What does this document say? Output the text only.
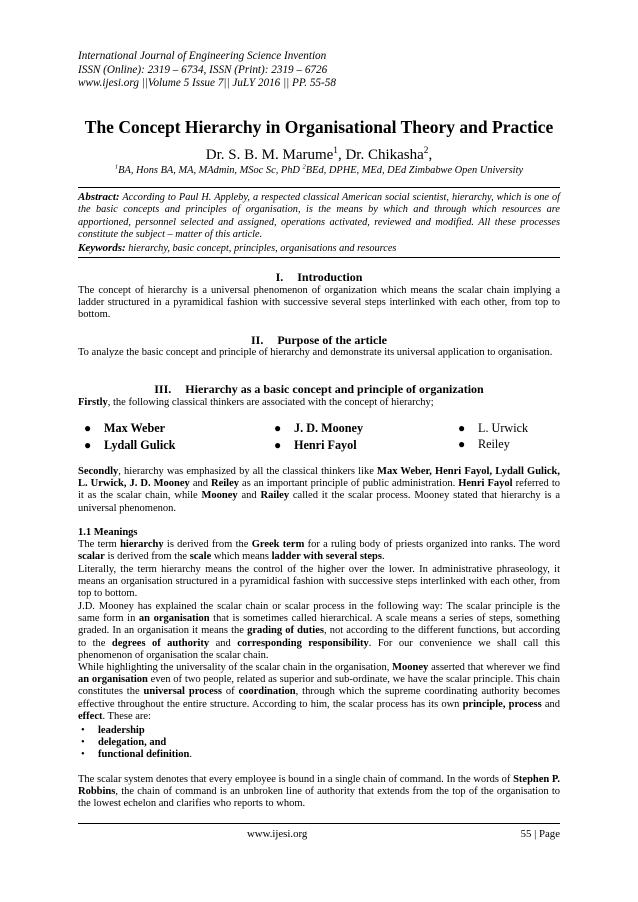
International Journal of Engineering Science Invention
ISSN (Online): 2319 – 6734, ISSN (Print): 2319 – 6726
www.ijesi.org ||Volume 5 Issue 7|| JuLY 2016 || PP. 55-58
The Concept Hierarchy in Organisational Theory and Practice
Dr. S. B. M. Marume$^1$, Dr. Chikasha$^2$,
$^1$BA, Hons BA, MA, MAdmin, MSoc Sc, PhD $^2$BEd, DPHE, MEd, DEd Zimbabwe Open University
Abstract: According to Paul H. Appleby, a respected classical American social scientist, hierarchy, which is one of the basic concepts and principles of organisation, is the means by which and through which resources are apportioned, personnel selected and assigned, operations activated, reviewed and modified. All these processes constitute the subject – matter of this article.
Keywords: hierarchy, basic concept, principles, organisations and resources
I. Introduction
The concept of hierarchy is a universal phenomenon of organization which means the scalar chain implying a ladder structured in a pyramidical fashion with successive several steps interlinked with each other, from top to bottom.
II. Purpose of the article
To analyze the basic concept and principle of hierarchy and demonstrate its universal application to organisation.
III. Hierarchy as a basic concept and principle of organization
Firstly, the following classical thinkers are associated with the concept of hierarchy;
● Max Weber
● Lydall Gulick
● J. D. Mooney
● Henri Fayol
● L. Urwick
● Reiley
Secondly, hierarchy was emphasized by all the classical thinkers like Max Weber, Henri Fayol, Lydall Gulick, L. Urwick, J. D. Mooney and Reiley as an important principle of public administration. Henri Fayol referred to it as the scalar chain, while Mooney and Railey called it the scalar process. Mooney stated that hierarchy is a universal phenomenon.
1.1 Meanings
The term hierarchy is derived from the Greek term for a ruling body of priests organized into ranks. The word scalar is derived from the scale which means ladder with several steps.
Literally, the term hierarchy means the control of the higher over the lower. In administrative phraseology, it means an organisation structured in a pyramidical fashion with successive steps interlinked with each other, from top to bottom.
J.D. Mooney has explained the scalar chain or scalar process in the following way: The scalar principle is the same form in an organisation that is sometimes called hierarchical. A scale means a series of steps, something graded. In an organisation it means the grading of duties, not according to the different functions, but according to the degrees of authority and corresponding responsibility. For our convenience we shall call this phenomenon of organisation the scalar chain.
While highlighting the universality of the scalar chain in the organisation, Mooney asserted that wherever we find an organisation even of two people, related as superior and sub-ordinate, we have the scalar principle. This chain constitutes the universal process of coordination, through which the supreme coordinating authority becomes effective throughout the entire structure. According to him, the scalar process has its own principle, process and effect. These are:
• leadership
• delegation, and
• functional definition.
The scalar system denotes that every employee is bound in a single chain of command. In the words of Stephen P. Robbins, the chain of command is an unbroken line of authority that extends from the top of the organisation to the lowest echelon and clarifies who reports to whom.
www.ijesi.org	55 | Page
